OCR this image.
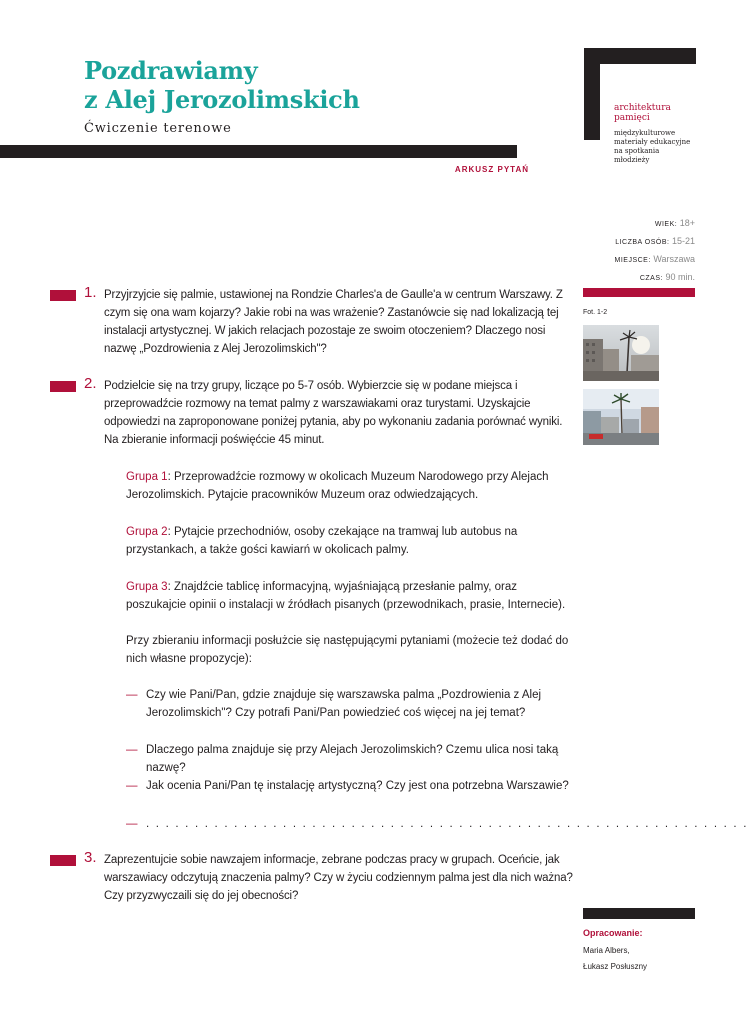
Pozdrawiamy
z Alej Jerozolimskich
Ćwiczenie terenowe
ARKUSZ PYTAŃ
architektura
pamięci
międzykulturowe
materiały edukacyjne
na spotkania
młodzieży
WIEK: 18+
LICZBA OSÓB: 15-21
MIEJSCE: Warszawa
CZAS: 90 min.
Fot. 1-2
1. Przyjrzyjcie się palmie, ustawionej na Rondzie Charles'a de Gaulle'a w centrum Warszawy. Z czym się ona wam kojarzy? Jakie robi na was wrażenie? Zastanówcie się nad lokalizacją tej instalacji artystycznej. W jakich relacjach pozostaje ze swoim otoczeniem? Dlaczego nosi nazwę „Pozdrowienia z Alej Jerozolimskich"?
2. Podzielcie się na trzy grupy, liczące po 5-7 osób. Wybierzcie się w podane miejsca i przeprowadźcie rozmowy na temat palmy z warszawiakami oraz turystami. Uzyskajcie odpowiedzi na zaproponowane poniżej pytania, aby po wykonaniu zadania porównać wyniki. Na zbieranie informacji poświęćcie 45 minut.
Grupa 1: Przeprowadźcie rozmowy w okolicach Muzeum Narodowego przy Alejach Jerozolimskich. Pytajcie pracowników Muzeum oraz odwiedzających.
Grupa 2: Pytajcie przechodniów, osoby czekające na tramwaj lub autobus na przystankach, a także gości kawiarń w okolicach palmy.
Grupa 3: Znajdźcie tablicę informacyjną, wyjaśniającą przesłanie palmy, oraz poszukajcie opinii o instalacji w źródłach pisanych (przewodnikach, prasie, Internecie).
Przy zbieraniu informacji posłużcie się następującymi pytaniami (możecie też dodać do nich własne propozycje):
— Czy wie Pani/Pan, gdzie znajduje się warszawska palma „Pozdrowienia z Alej Jerozolimskich"? Czy potrafi Pani/Pan powiedzieć coś więcej na jej temat?
— Dlaczego palma znajduje się przy Alejach Jerozolimskich? Czemu ulica nosi taką nazwę?
— Jak ocenia Pani/Pan tę instalację artystyczną? Czy jest ona potrzebna Warszawie?
— . . . . . . . . . . . . . . . . . . . . . . . . . . . . . . . . . . . . . . . . . . . . . . . . . . . . . . . . . . . . . .
3. Zaprezentujcie sobie nawzajem informacje, zebrane podczas pracy w grupach. Oceńcie, jak warszawiacy odczytują znaczenia palmy? Czy w życiu codziennym palma jest dla nich ważna? Czy przyzwyczaili się do jej obecności?
Opracowanie:
Maria Albers,
Łukasz Posłuszny
